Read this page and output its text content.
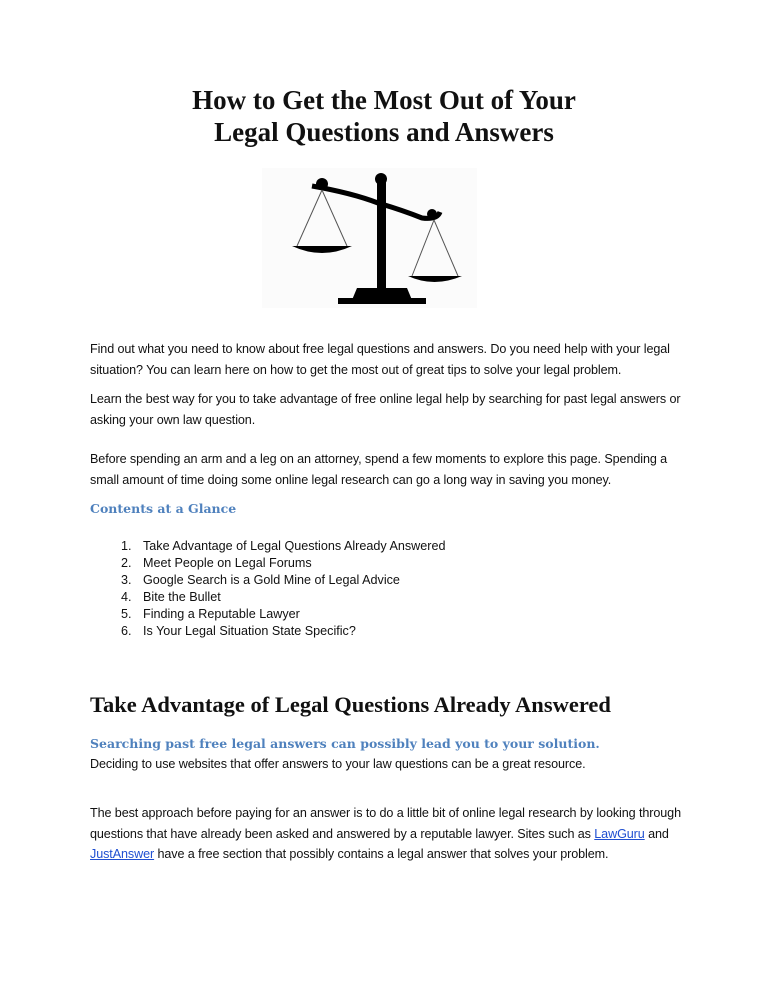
How to Get the Most Out of Your
Legal Questions and Answers
Find out what you need to know about free legal questions and answers. Do you need help with your legal situation? You can learn here on how to get the most out of great tips to solve your legal problem.
Learn the best way for you to take advantage of free online legal help by searching for past legal answers or asking your own law question.
Before spending an arm and a leg on an attorney, spend a few moments to explore this page. Spending a small amount of time doing some online legal research can go a long way in saving you money.
Contents at a Glance
1. Take Advantage of Legal Questions Already Answered
2. Meet People on Legal Forums
3. Google Search is a Gold Mine of Legal Advice
4. Bite the Bullet
5. Finding a Reputable Lawyer
6. Is Your Legal Situation State Specific?
Take Advantage of Legal Questions Already Answered
Searching past free legal answers can possibly lead you to your solution.
Deciding to use websites that offer answers to your law questions can be a great resource.
The best approach before paying for an answer is to do a little bit of online legal research by looking through questions that have already been asked and answered by a reputable lawyer. Sites such as LawGuru and JustAnswer have a free section that possibly contains a legal answer that solves your problem.
